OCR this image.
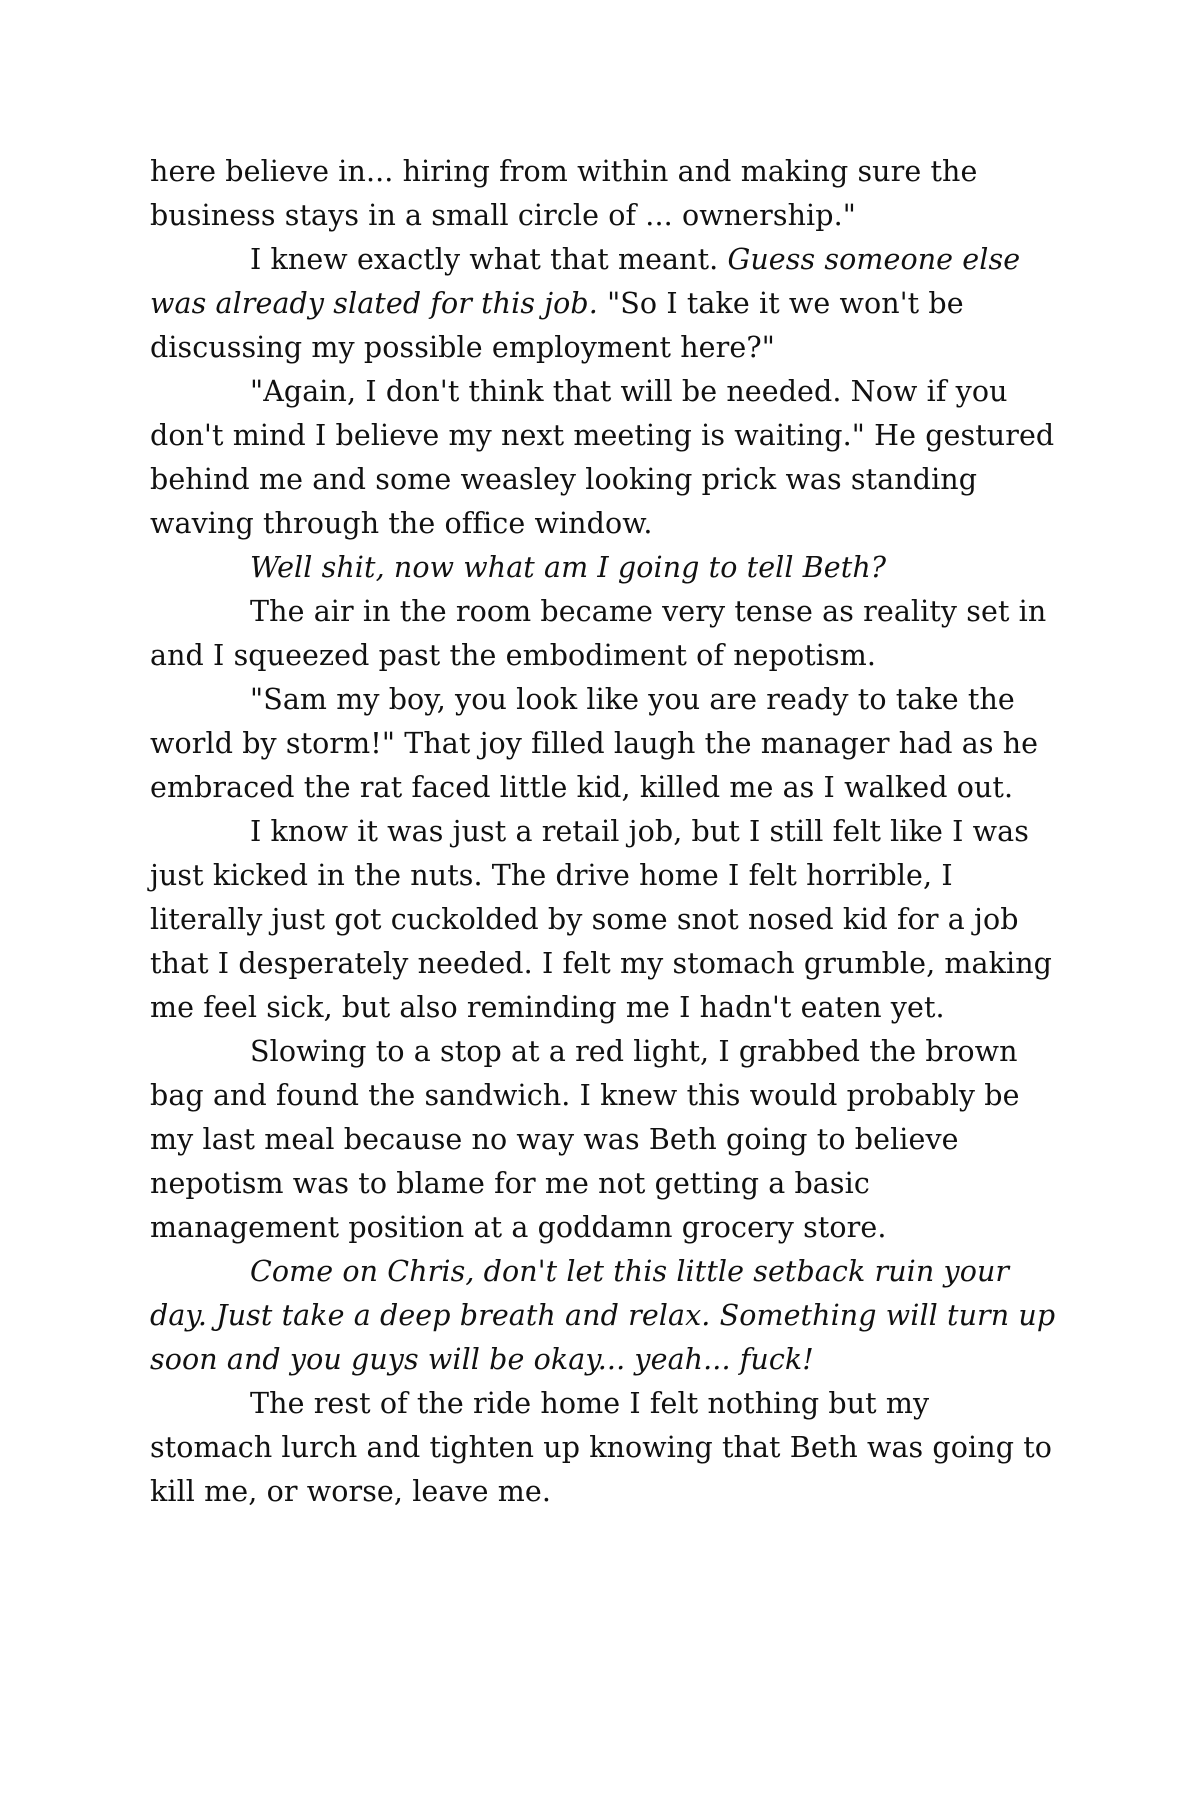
here believe in... hiring from within and making sure the business stays in a small circle of ... ownership."

I knew exactly what that meant. Guess someone else was already slated for this job. "So I take it we won't be discussing my possible employment here?"

"Again, I don't think that will be needed. Now if you don't mind I believe my next meeting is waiting." He gestured behind me and some weasley looking prick was standing waving through the office window.

Well shit, now what am I going to tell Beth?

The air in the room became very tense as reality set in and I squeezed past the embodiment of nepotism.

"Sam my boy, you look like you are ready to take the world by storm!" That joy filled laugh the manager had as he embraced the rat faced little kid, killed me as I walked out.

I know it was just a retail job, but I still felt like I was just kicked in the nuts. The drive home I felt horrible, I literally just got cuckolded by some snot nosed kid for a job that I desperately needed. I felt my stomach grumble, making me feel sick, but also reminding me I hadn't eaten yet.

Slowing to a stop at a red light, I grabbed the brown bag and found the sandwich. I knew this would probably be my last meal because no way was Beth going to believe nepotism was to blame for me not getting a basic management position at a goddamn grocery store.

Come on Chris, don't let this little setback ruin your day. Just take a deep breath and relax. Something will turn up soon and you guys will be okay... yeah... fuck!

The rest of the ride home I felt nothing but my stomach lurch and tighten up knowing that Beth was going to kill me, or worse, leave me.
